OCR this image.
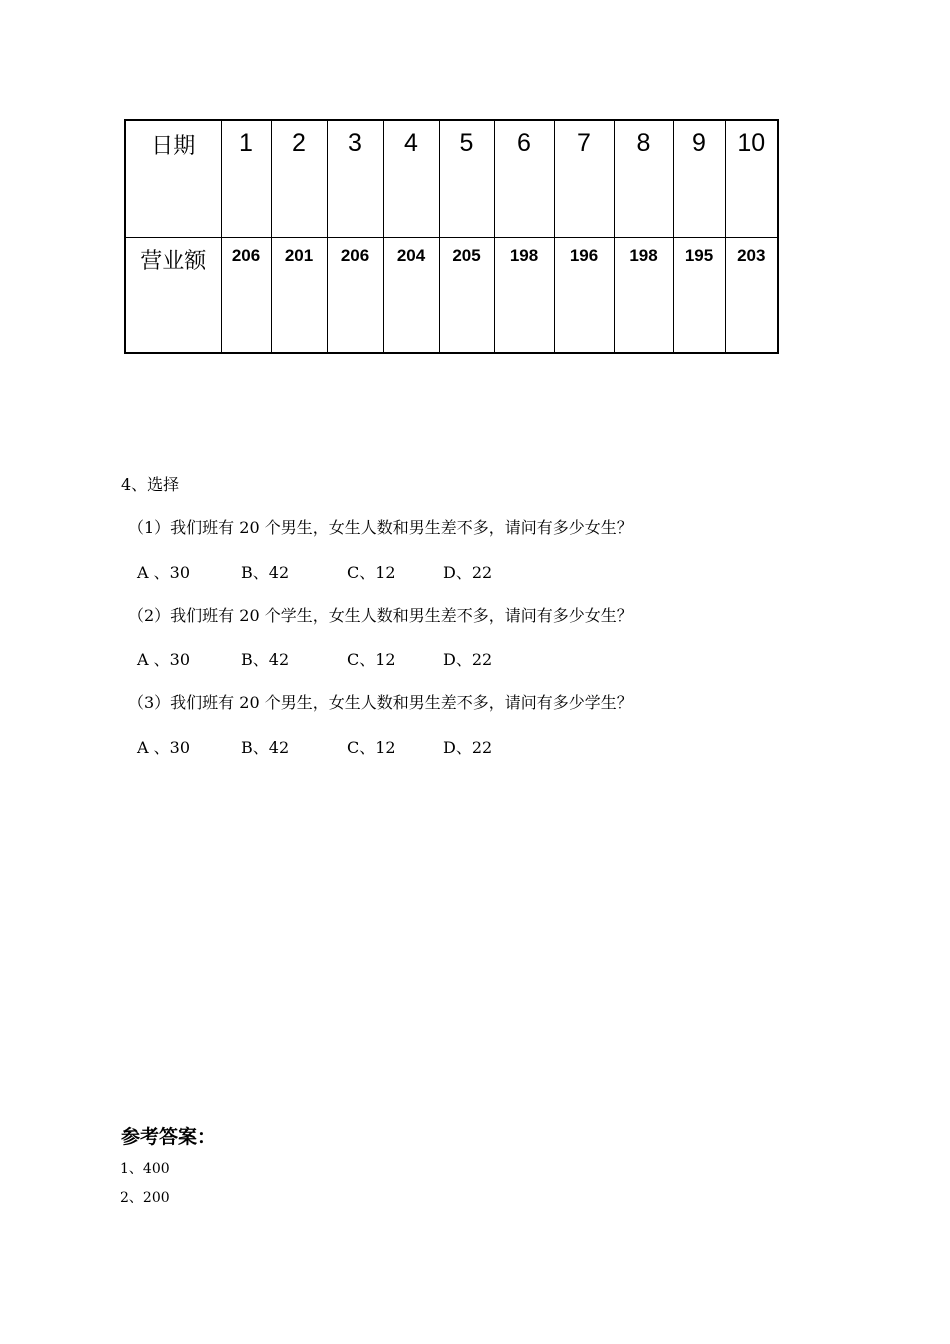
日期	1	2	3	4	5	6	7	8	9	10
营业额	206	201	206	204	205	198	196	198	195	203
4、选择
（1）我们班有 20 个男生，女生人数和男生差不多，请问有多少女生？
A 、30	B、42	C、12	D、22
（2）我们班有 20 个学生，女生人数和男生差不多，请问有多少女生？
A 、30	B、42	C、12	D、22
（3）我们班有 20 个男生，女生人数和男生差不多，请问有多少学生？
A 、30	B、42	C、12	D、22
参考答案：
1、400
2、200
